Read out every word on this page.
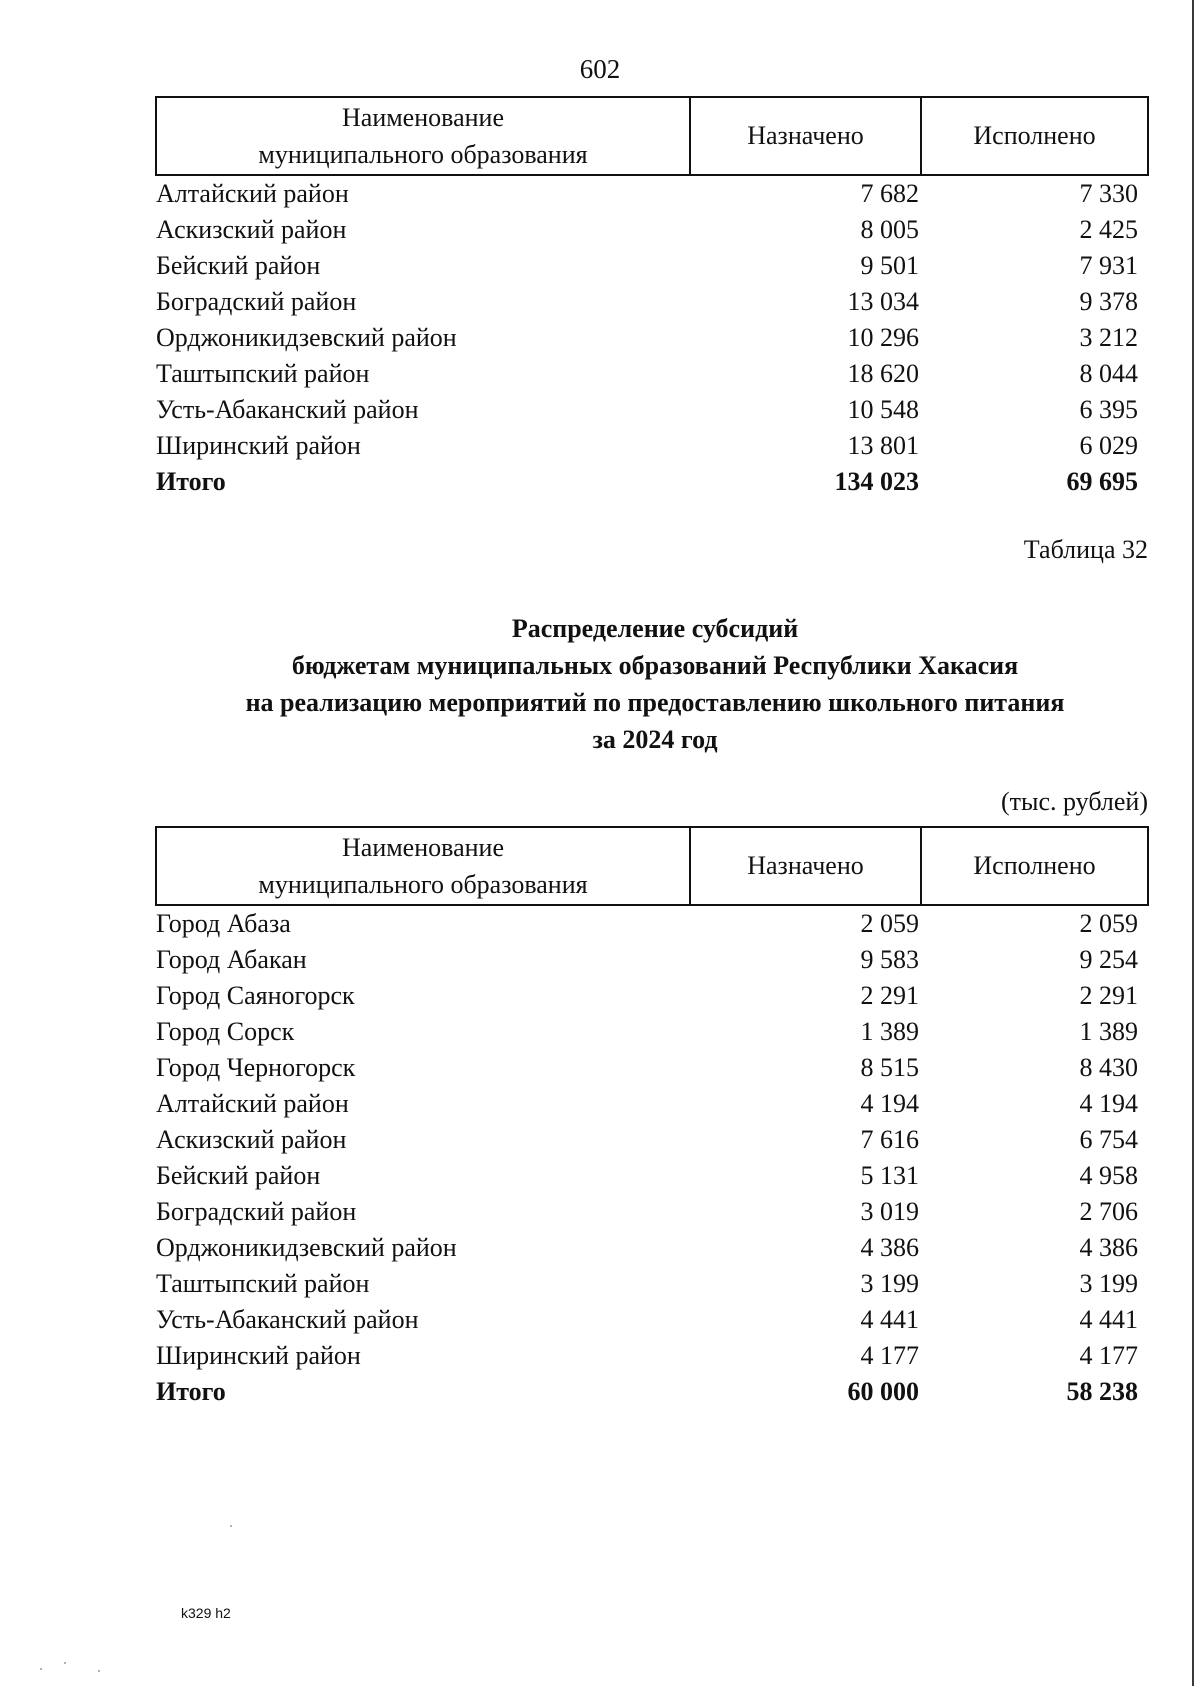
602
Наименование
муниципального образования	Назначено	Исполнено
Алтайский район	7 682	7 330
Аскизский район	8 005	2 425
Бейский район	9 501	7 931
Боградский район	13 034	9 378
Орджоникидзевский район	10 296	3 212
Таштыпский район	18 620	8 044
Усть-Абаканский район	10 548	6 395
Ширинский район	13 801	6 029
Итого	134 023	69 695
Таблица 32
Распределение субсидий
бюджетам муниципальных образований Республики Хакасия
на реализацию мероприятий по предоставлению школьного питания
за 2024 год
(тыс. рублей)
Наименование
муниципального образования	Назначено	Исполнено
Город Абаза	2 059	2 059
Город Абакан	9 583	9 254
Город Саяногорск	2 291	2 291
Город Сорск	1 389	1 389
Город Черногорск	8 515	8 430
Алтайский район	4 194	4 194
Аскизский район	7 616	6 754
Бейский район	5 131	4 958
Боградский район	3 019	2 706
Орджоникидзевский район	4 386	4 386
Таштыпский район	3 199	3 199
Усть-Абаканский район	4 441	4 441
Ширинский район	4 177	4 177
Итого	60 000	58 238
k329 h2
